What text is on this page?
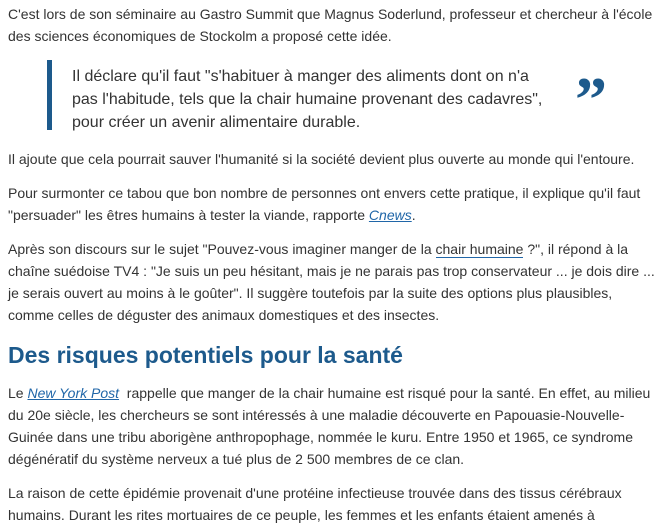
C'est lors de son séminaire au Gastro Summit que Magnus Soderlund, professeur et chercheur à l'école

des sciences économiques de Stockolm a proposé cette idée.

Il déclare qu'il faut "s'habituer à manger des aliments dont on n'a
pas l'habitude, tels que la chair humaine provenant des cadavres",
pour créer un avenir alimentaire durable.	”

Il ajoute que cela pourrait sauver l'humanité si la société devient plus ouverte au monde qui l'entoure.

Pour surmonter ce tabou que bon nombre de personnes ont envers cette pratique, il explique qu'il faut

"persuader" les êtres humains à tester la viande, rapporte Cnews.

Après son discours sur le sujet "Pouvez-vous imaginer manger de la chair humaine ?", il répond à la

chaîne suédoise TV4 : "Je suis un peu hésitant, mais je ne parais pas trop conservateur ... je dois dire ...

je serais ouvert au moins à le goûter". Il suggère toutefois par la suite des options plus plausibles,

comme celles de déguster des animaux domestiques et des insectes.

Des risques potentiels pour la santé

Le New York Post  rappelle que manger de la chair humaine est risqué pour la santé. En effet, au milieu

du 20e siècle, les chercheurs se sont intéressés à une maladie découverte en Papouasie-Nouvelle-

Guinée dans une tribu aborigène anthropophage, nommée le kuru. Entre 1950 et 1965, ce syndrome

dégénératif du système nerveux a tué plus de 2 500 membres de ce clan.

La raison de cette épidémie provenait d'une protéine infectieuse trouvée dans des tissus cérébraux

humains. Durant les rites mortuaires de ce peuple, les femmes et les enfants étaient amenés à
